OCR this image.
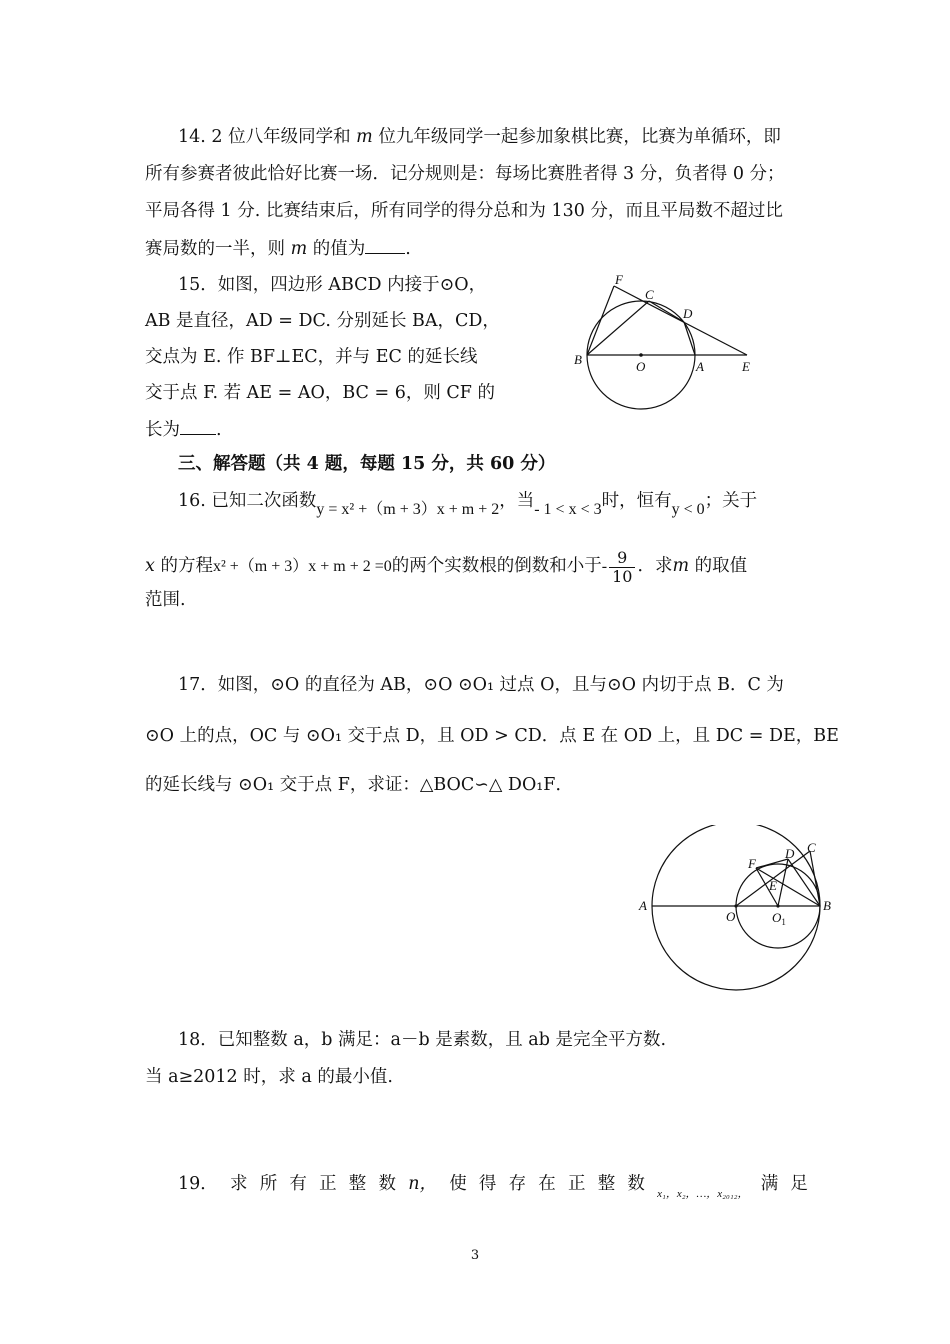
14. 2 位八年级同学和 m 位九年级同学一起参加象棋比赛，比赛为单循环，即
所有参赛者彼此恰好比赛一场．记分规则是：每场比赛胜者得 3 分，负者得 0 分；
平局各得 1 分. 比赛结束后，所有同学的得分总和为 130 分，而且平局数不超过比
赛局数的一半，则 m 的值为 .
15．如图，四边形 ABCD 内接于⊙O，
AB 是直径，AD = DC. 分别延长 BA，CD，
交点为 E. 作 BF⊥EC，并与 EC 的延长线
交于点 F. 若 AE = AO，BC = 6，则 CF 的
长为 .
F
C
D
B	O	A	E
三、解答题（共 4 题，每题 15 分，共 60 分）
16. 已知二次函数y = x² +（m + 3）x + m + 2，当- 1 < x < 3时，恒有y < 0；关于
x 的方程x² +（m + 3）x + m + 2 =0的两个实数根的倒数和小于- $\frac{9}{10}$ ．求m 的取值
范围.
17．如图，⊙O 的直径为 AB，⊙O ⊙O₁ 过点 O，且与⊙O 内切于点 B．C 为
⊙O 上的点，OC 与 ⊙O₁ 交于点 D，且 OD > CD．点 E 在 OD 上，且 DC = DE，BE
的延长线与 ⊙O₁ 交于点 F，求证：△BOC∽△ DO₁F．
F
D C
E
A
O	$O_1$
B
18．已知整数 a，b 满足：a－b 是素数，且 ab 是完全平方数.
当 a≥2012 时，求 a 的最小值.
19． 求 所 有 正 整 数 n， 使 得 存 在 正 整 数 x₁，x₂，…，x₂₀₁₂， 满 足
3
